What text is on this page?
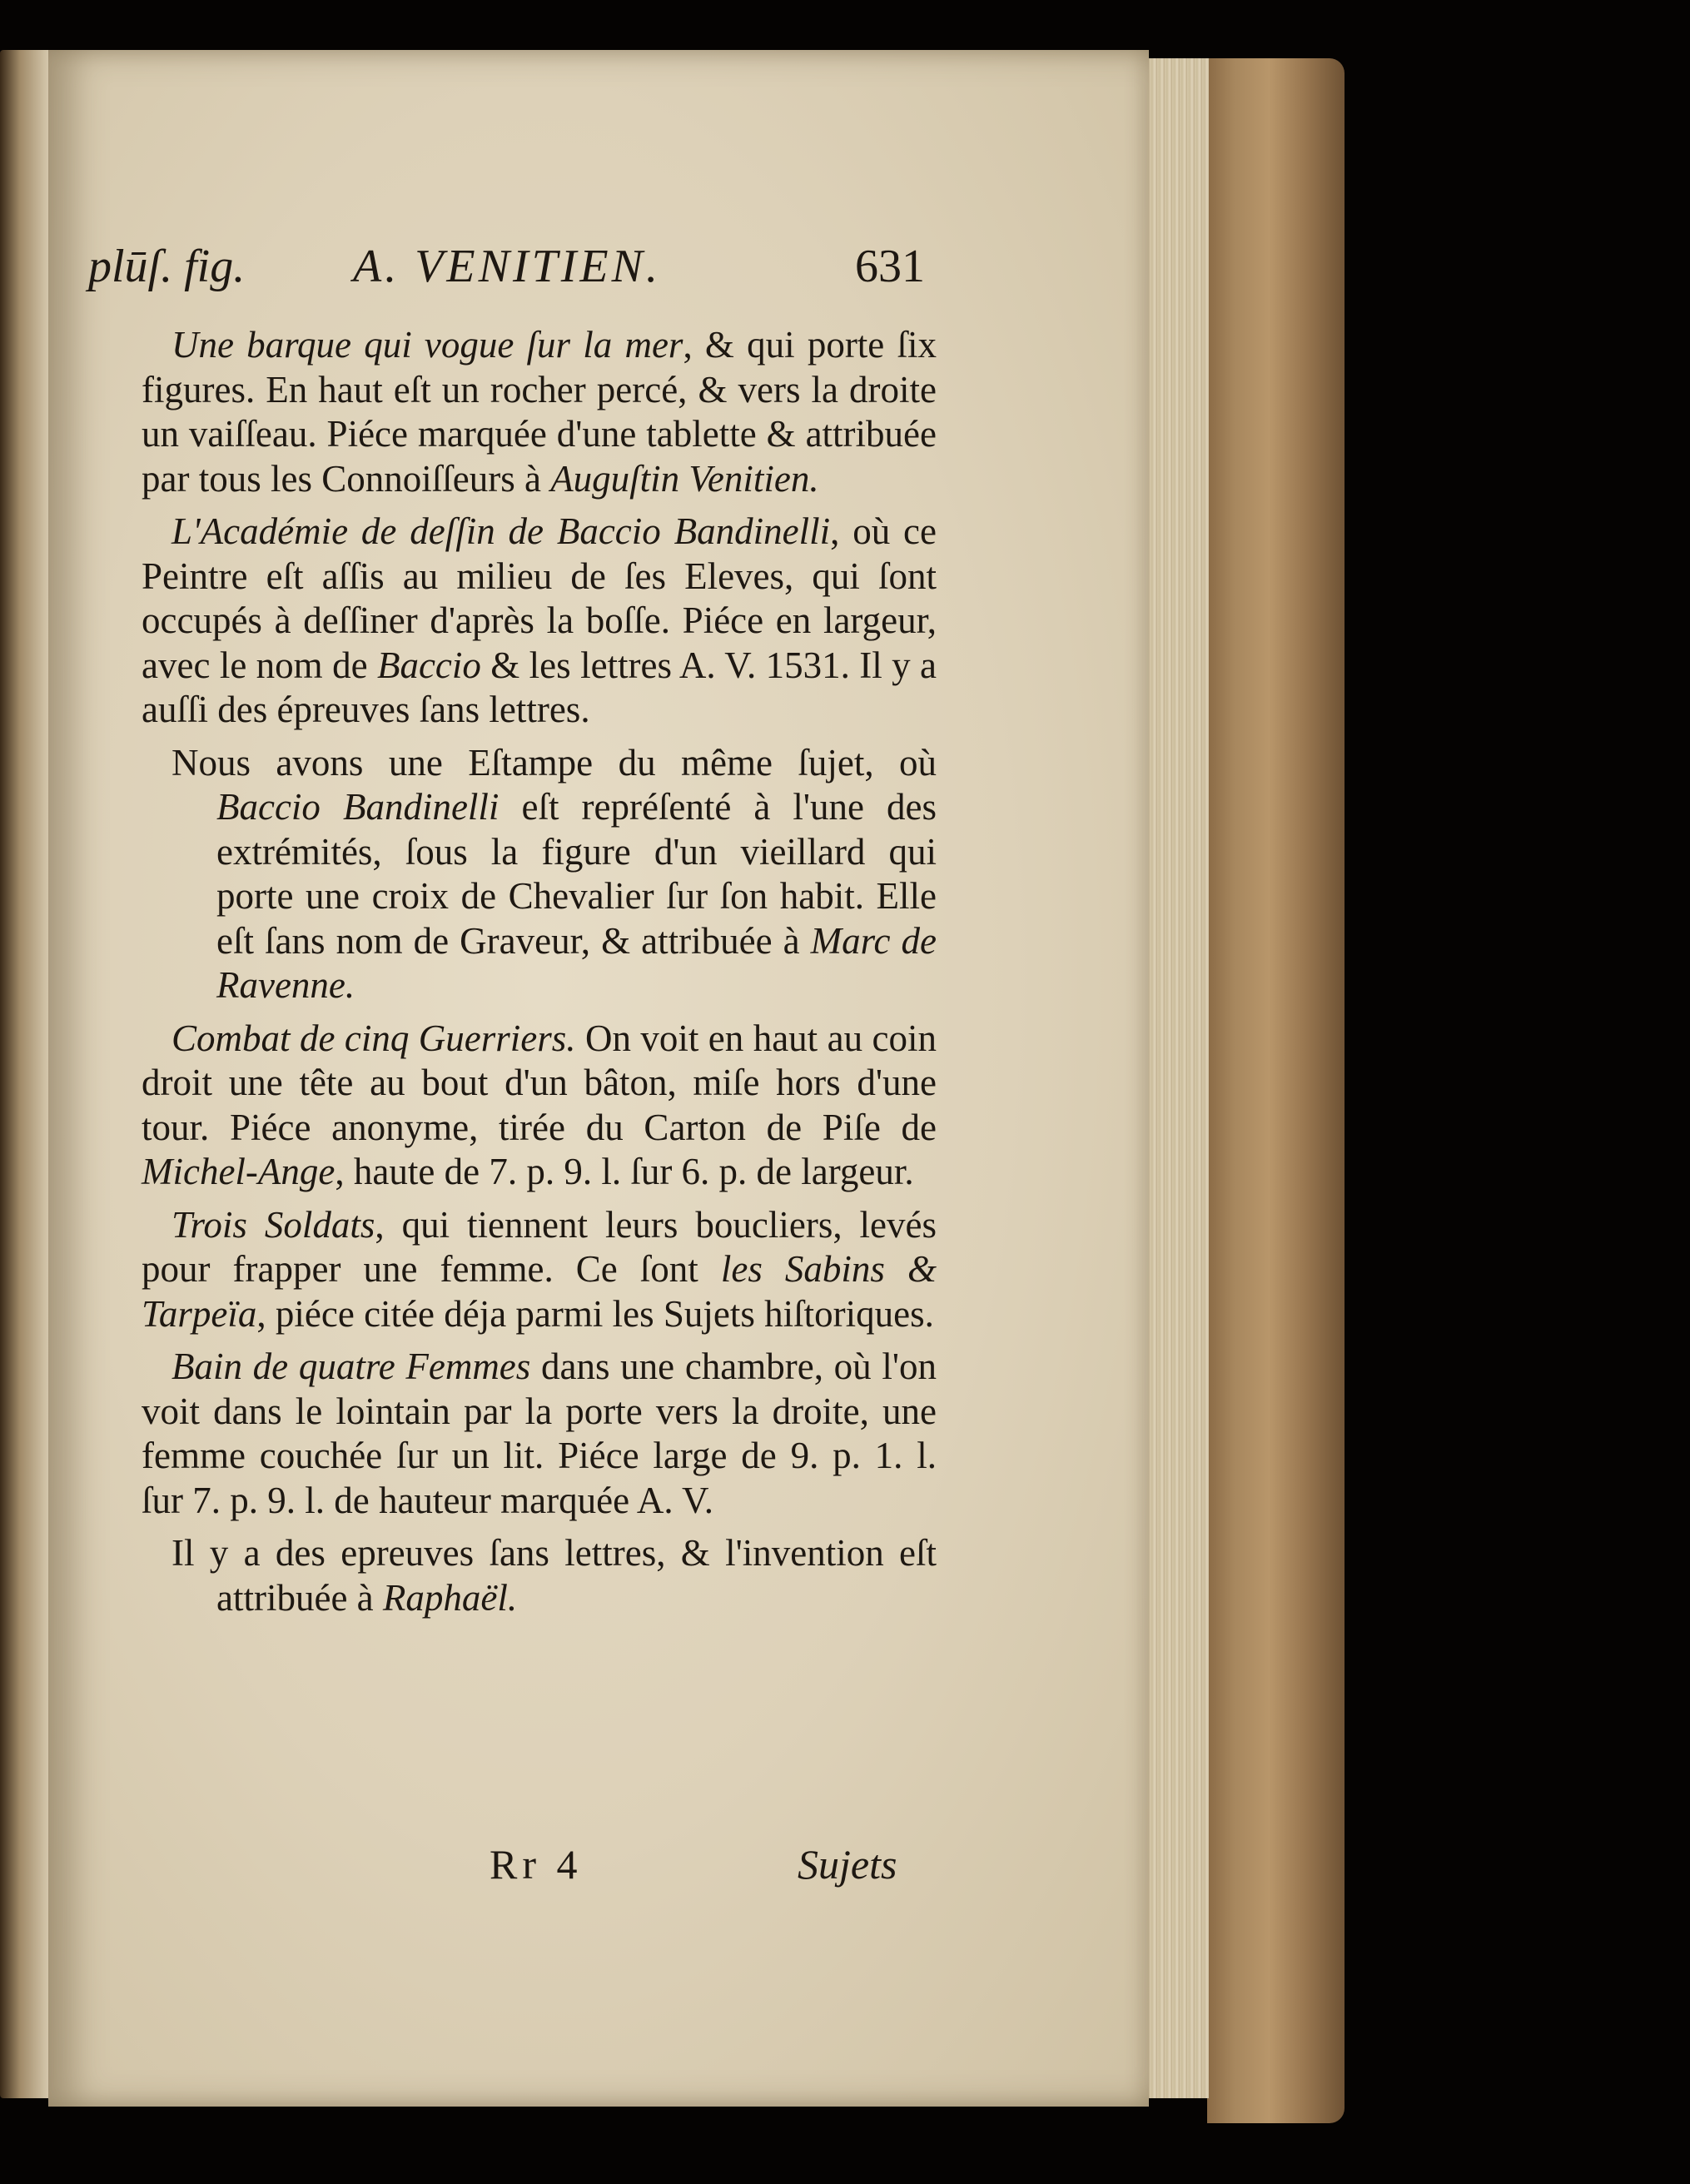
plūſ. fig. A. VENITIEN.	631

Une barque qui vogue ſur la mer, & qui porte ſix figures. En haut eſt un rocher percé, & vers la droite un vaiſſeau. Piéce marquée d'une tablette & attribuée par tous les Connoiſſeurs à Auguſtin Venitien.

L'Académie de deſſin de Baccio Bandinelli, où ce Peintre eſt aſſis au milieu de ſes Eleves, qui ſont occupés à deſſiner d'après la boſſe. Piéce en largeur, avec le nom de Baccio & les lettres A. V. 1531. Il y a auſſi des épreuves ſans lettres.

Nous avons une Eſtampe du même ſujet, où Baccio Bandinelli eſt repréſenté à l'une des extrémités, ſous la figure d'un vieillard qui porte une croix de Chevalier ſur ſon habit. Elle eſt ſans nom de Graveur, & attribuée à Marc de Ravenne.

Combat de cinq Guerriers. On voit en haut au coin droit une tête au bout d'un bâton, miſe hors d'une tour. Piéce anonyme, tirée du Carton de Piſe de Michel-Ange, haute de 7. p. 9. l. ſur 6. p. de largeur.

Trois Soldats, qui tiennent leurs boucliers, levés pour frapper une femme. Ce ſont les Sabins & Tarpeïa, piéce citée déja parmi les Sujets hiſtoriques.

Bain de quatre Femmes dans une chambre, où l'on voit dans le lointain par la porte vers la droite, une femme couchée ſur un lit. Piéce large de 9. p. 1. l. ſur 7. p. 9. l. de hauteur marquée A. V.

Il y a des epreuves ſans lettres, & l'invention eſt attribuée à Raphaël.

Rr 4	Sujets
